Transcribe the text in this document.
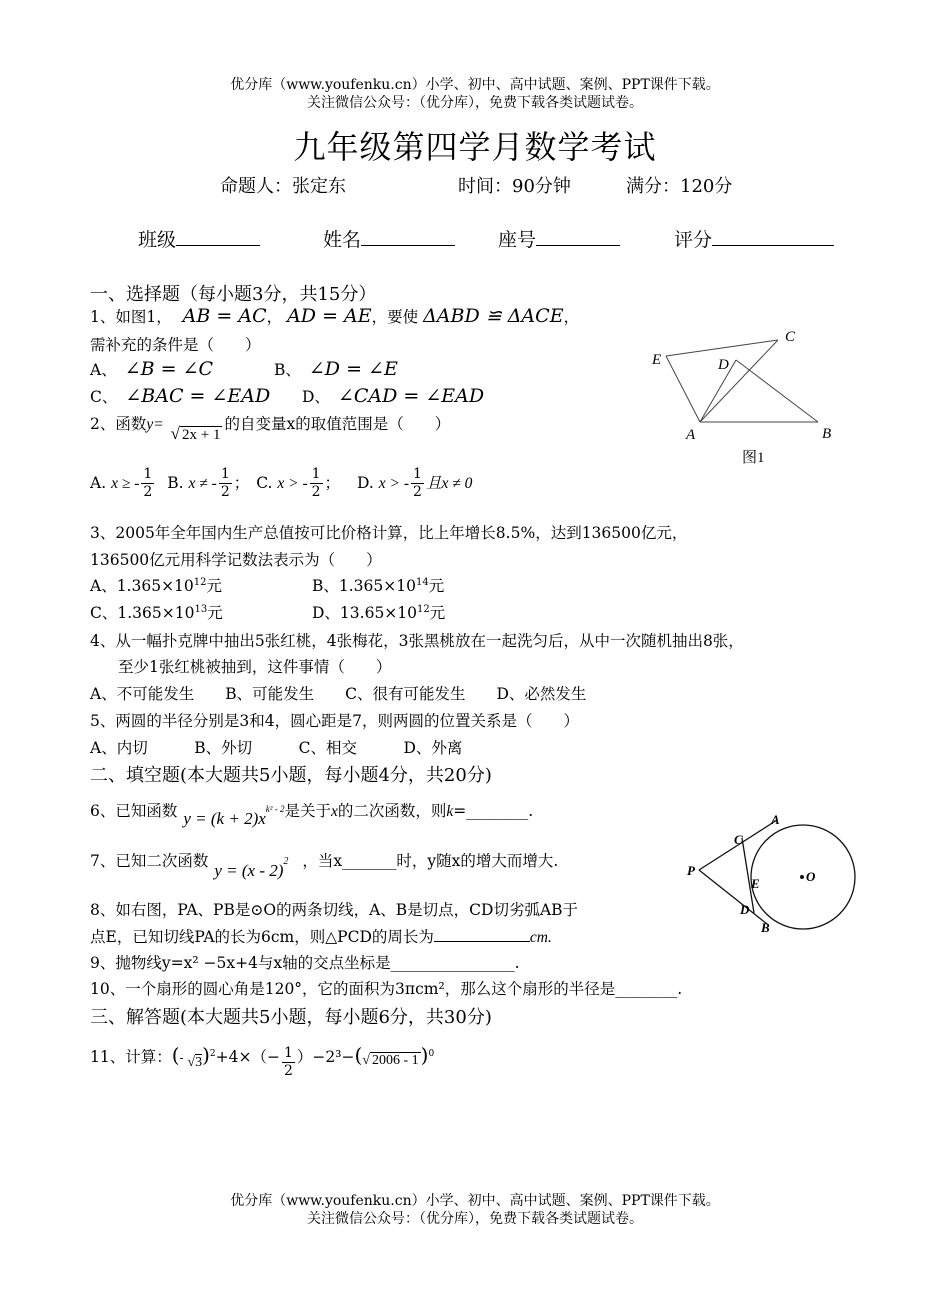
优分库（www.youfenku.cn）小学、初中、高中试题、案例、PPT课件下载。
关注微信公众号：（优分库），免费下载各类试题试卷。
九年级第四学月数学考试
命题人：张定东	时间：90分钟	满分：120分
班级	姓名	座号	评分
一、选择题（每小题3分，共15分）
1、如图1， AB = AC， AD = AE，要使 ΔABD ≌ ΔACE，
需补充的条件是（　　）
A、 ∠B = ∠C	B、 ∠D = ∠E
C、 ∠BAC = ∠EAD D、 ∠CAD = ∠EAD
E	D
C
A	B
图1
2、函数y= √ 2x + 1的自变量x的取值范围是（　　）
A. x ≥ - $\frac{1}{2} B$. x ≠ - $\frac{1}{2}$ ； C. x > - $\frac{1}{2}$ ； D. x > - $\frac{1}{2}$ 且x ≠ 0
3、2005年全年国内生产总值按可比价格计算，比上年增长8.5%，达到136500亿元，
136500亿元用科学记数法表示为（　　）
A、$1.365\times 10^{12}$元	B、$1.365\times 10^{14}$元
C、$1.365\times 10^{13}$元	D、$13.65\times 10^{12}$元
4、从一幅扑克牌中抽出5张红桃，4张梅花，3张黑桃放在一起洗匀后，从中一次随机抽出8张，
至少1张红桃被抽到，这件事情（　　）
A、不可能发生　　B、可能发生　　C、很有可能发生　　D、必然发生
5、两圆的半径分别是3和4，圆心距是7，则两圆的位置关系是（　　）
A、内切　　　B、外切　　　C、相交　　　D、外离
二、填空题(本大题共5小题，每小题4分，共20分)
6、已知函数 $y = (k + 2)x^{k^2 - 2}$是关于x的二次函数，则k=________.
7、已知二次函数 y = (x - 2)$^2$ ，当x_______时，y随x的增大而增大.
P
A
C
E	O
D
B
8、如右图，PA、PB是⊙O的两条切线，A、B是切点，CD切劣弧AB于
点E，已知切线PA的长为6cm，则△PCD的周长为	cm.
9、抛物线y=x² −5x+4与x轴的交点坐标是________________.
10、一个扇形的圆心角是120°，它的面积为3πcm²，那么这个扇形的半径是________.
三、解答题(本大题共5小题，每小题6分，共30分)
11、计算：(- $√3)^2+4\times(- \frac{1}{2} )-2^3-(√$ 2006 - 1 )$^0$
优分库（www.youfenku.cn）小学、初中、高中试题、案例、PPT课件下载。
关注微信公众号：（优分库），免费下载各类试题试卷。
